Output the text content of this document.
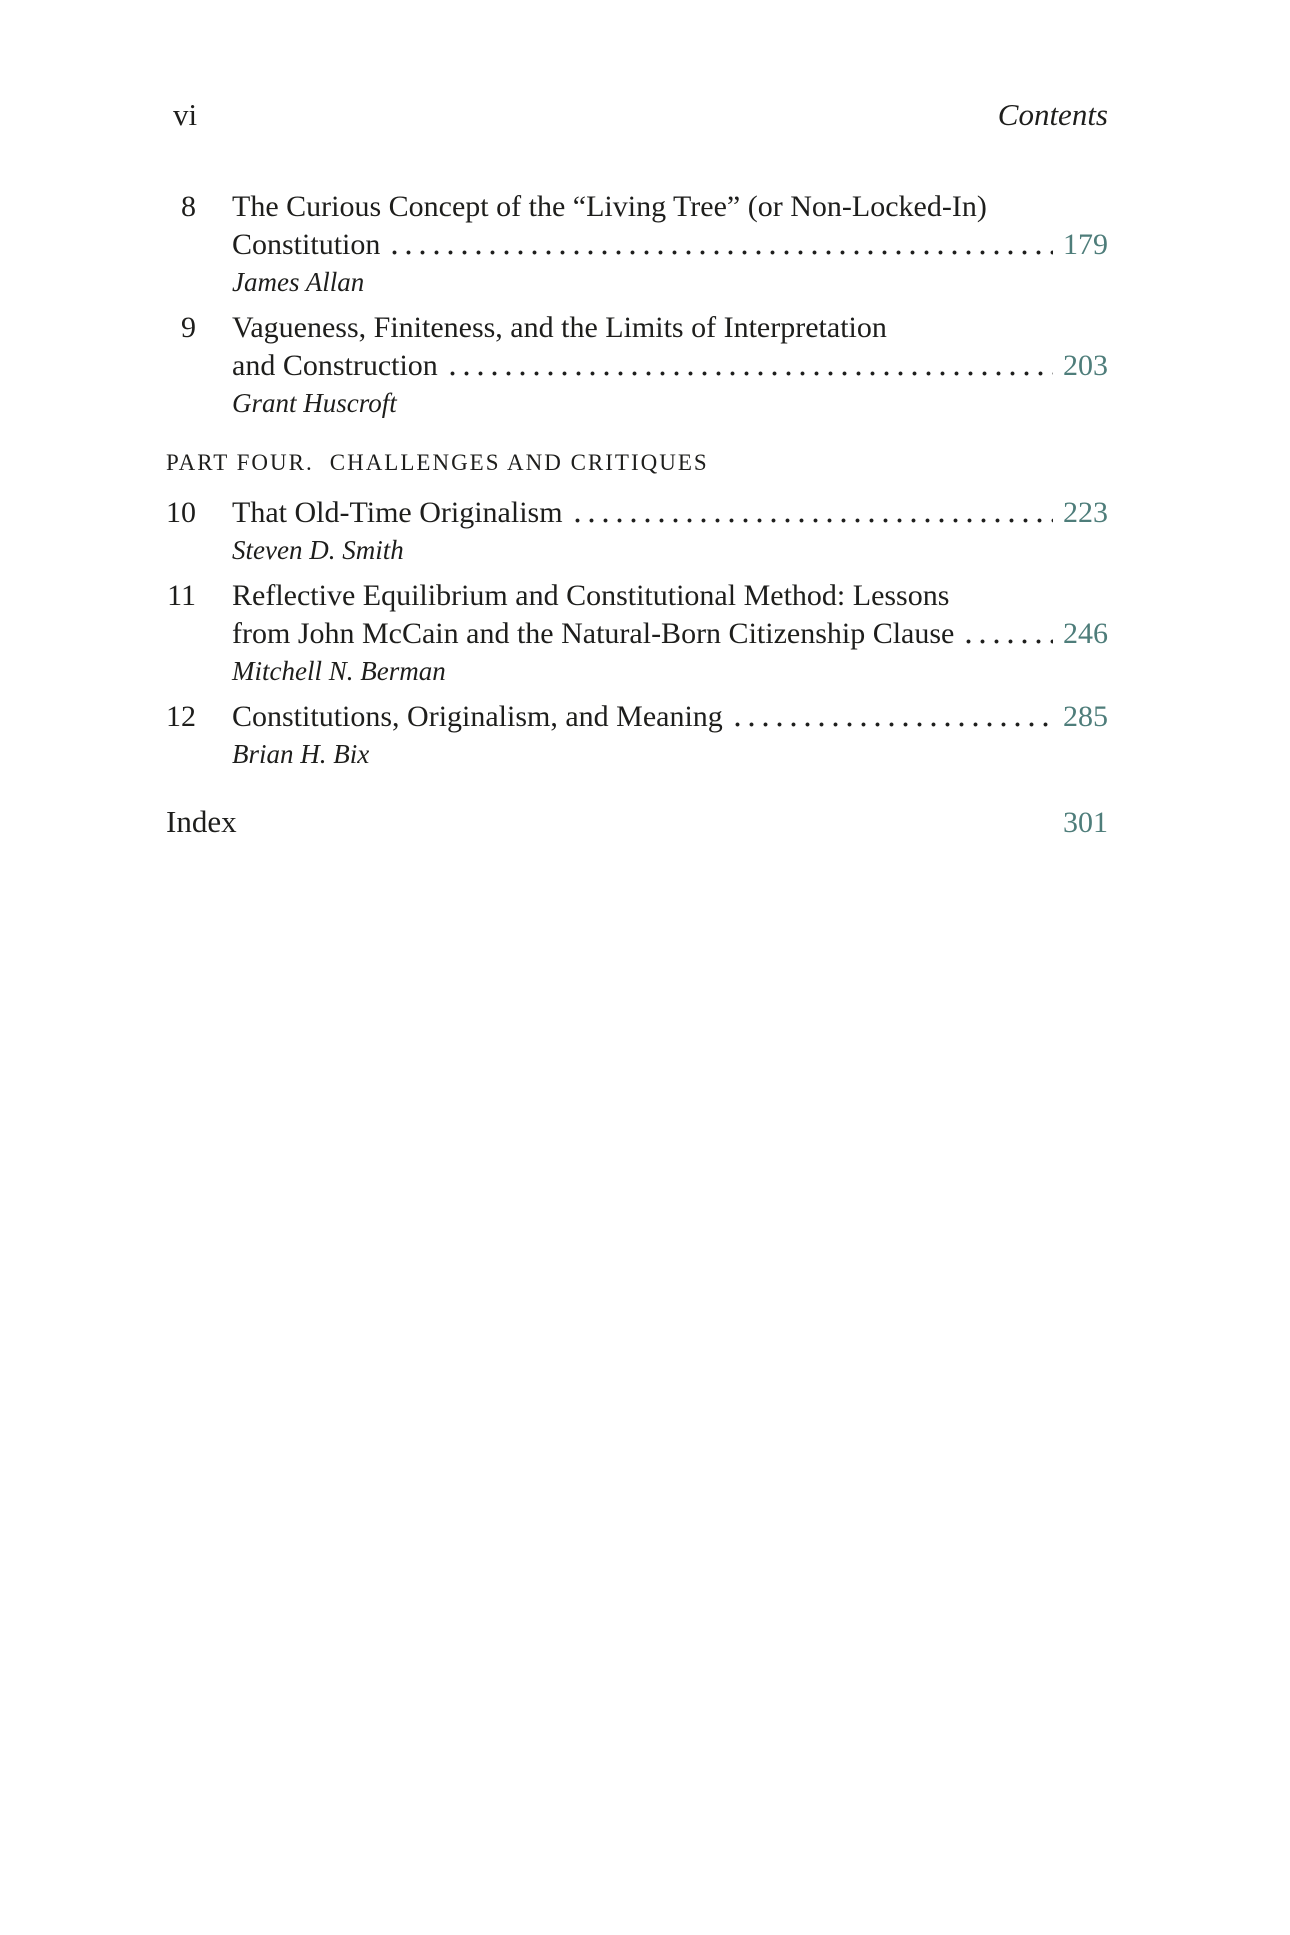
vi	Contents
8 The Curious Concept of the “Living Tree” (or Non-Locked-In)
Constitution	179
James Allan
9 Vagueness, Finiteness, and the Limits of Interpretation
and Construction	203
Grant Huscroft
PART FOUR. CHALLENGES AND CRITIQUES
10 That Old-Time Originalism	223
Steven D. Smith
11 Reflective Equilibrium and Constitutional Method: Lessons
from John McCain and the Natural-Born Citizenship Clause	246
Mitchell N. Berman
12 Constitutions, Originalism, and Meaning	285
Brian H. Bix
Index	301
